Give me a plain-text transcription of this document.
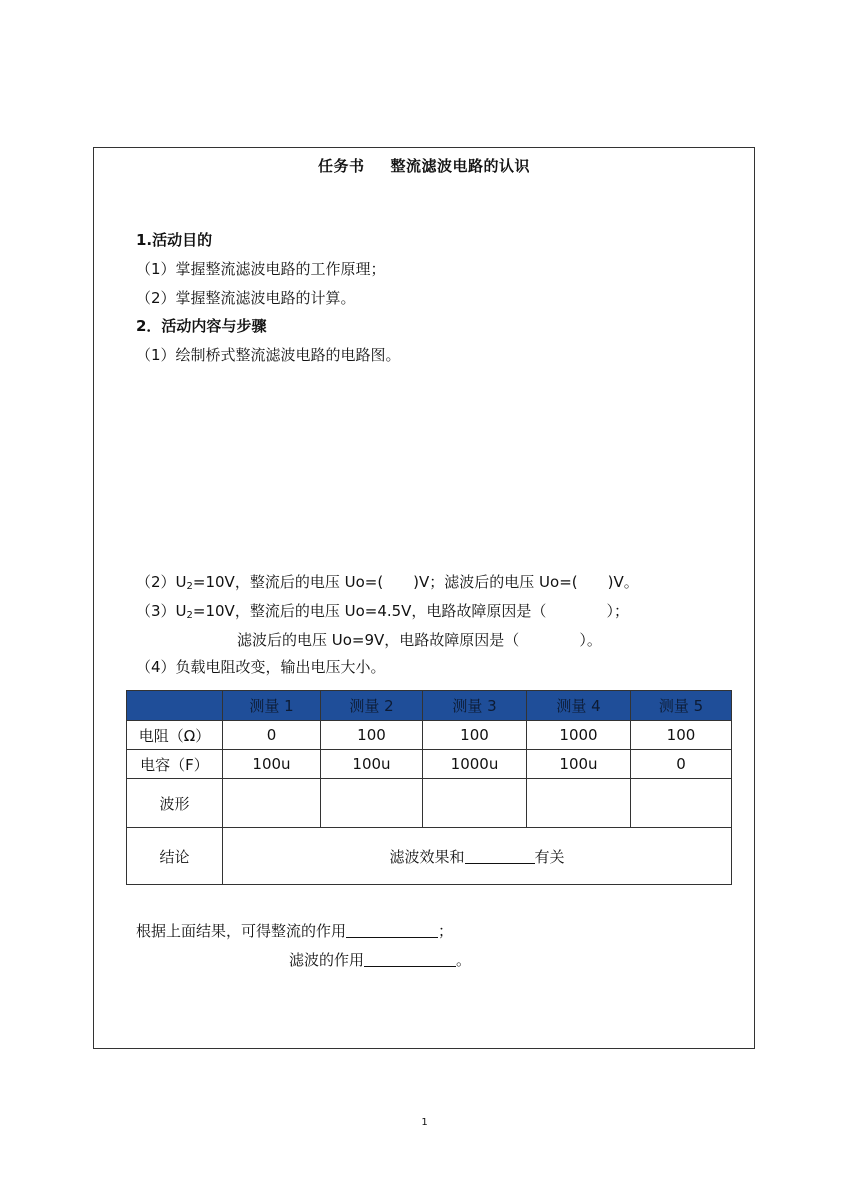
任务书 整流滤波电路的认识
1.活动目的
（1）掌握整流滤波电路的工作原理；
（2）掌握整流滤波电路的计算。
2．活动内容与步骤
（1）绘制桥式整流滤波电路的电路图。
（2）U2=10V，整流后的电压 Uo=( )V；滤波后的电压 Uo=( )V。
（3）U2=10V，整流后的电压 Uo=4.5V，电路故障原因是（	）；
滤波后的电压 Uo=9V，电路故障原因是（	）。
（4）负载电阻改变，输出电压大小。
	测量 1	测量 2	测量 3	测量 4	测量 5
电阻（Ω）	0	100	100	1000	100
电容（F）	100u	100u	1000u	100u	0
波形					
结论	滤波效果和 有关				
根据上面结果，可得整流的作用	；
滤波的作用	。
1
